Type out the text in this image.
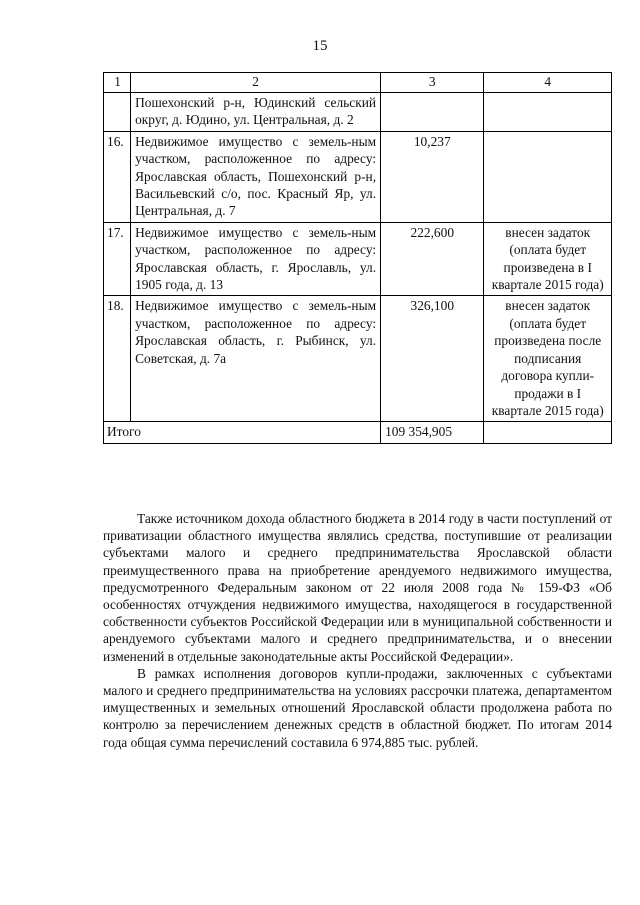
15
1	2	3	4
	Пошехонский р-н, Юдинский сельский округ, д. Юдино, ул. Центральная, д. 2		
16.	Недвижимое имущество с земель-ным участком, расположенное по адресу: Ярославская область, Пошехонский р-н, Васильевский с/о, пос. Красный Яр, ул. Центральная, д. 7	10,237	
17.	Недвижимое имущество с земель-ным участком, расположенное по адресу: Ярославская область, г. Ярославль, ул. 1905 года, д. 13	222,600	внесен задаток (оплата будет произведена в I квартале 2015 года)
18.	Недвижимое имущество с земель-ным участком, расположенное по адресу: Ярославская область, г. Рыбинск, ул. Советская, д. 7а	326,100	внесен задаток (оплата будет произведена после подписания договора купли-продажи в I квартале 2015 года)
Итого		109 354,905	

Также источником дохода областного бюджета в 2014 году в части поступлений от приватизации областного имущества являлись средства, поступившие от реализации субъектами малого и среднего предпринимательства Ярославской области преимущественного права на приобретение арендуемого недвижимого имущества, предусмотренного Федеральным законом от 22 июля 2008 года № 159-ФЗ «Об особенностях отчуждения недвижимого имущества, находящегося в государственной собственности субъектов Российской Федерации или в муниципальной собственности и арендуемого субъектами малого и среднего предпринимательства, и о внесении изменений в отдельные законодательные акты Российской Федерации».

В рамках исполнения договоров купли-продажи, заключенных с субъектами малого и среднего предпринимательства на условиях рассрочки платежа, департаментом имущественных и земельных отношений Ярославской области продолжена работа по контролю за перечислением денежных средств в областной бюджет. По итогам 2014 года общая сумма перечислений составила 6 974,885 тыс. рублей.
